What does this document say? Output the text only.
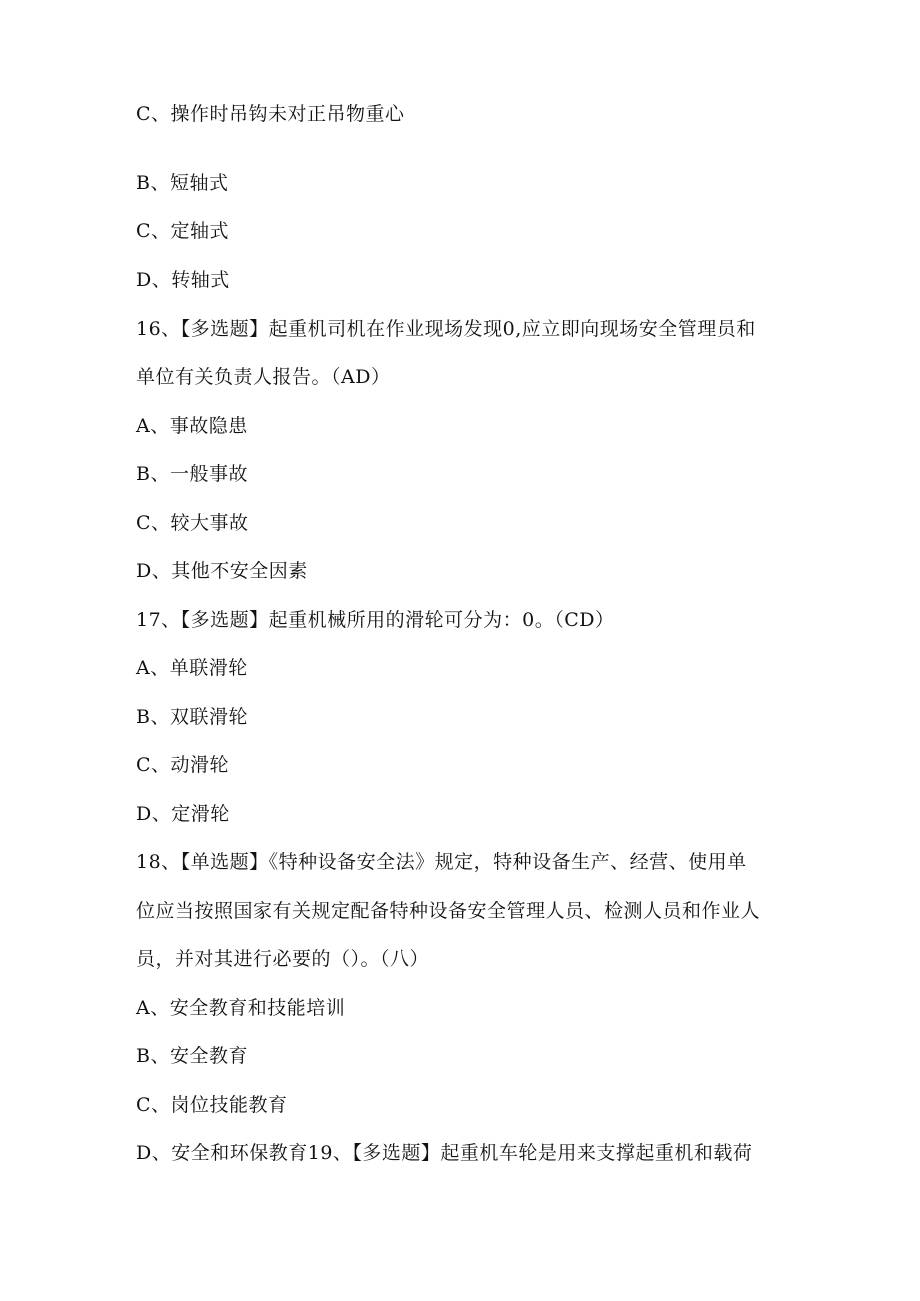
C、操作时吊钩未对正吊物重心
B、短轴式
C、定轴式
D、转轴式
16、【多选题】起重机司机在作业现场发现0,应立即向现场安全管理员和
单位有关负责人报告。（AD）
A、事故隐患
B、一般事故
C、较大事故
D、其他不安全因素
17、【多选题】起重机械所用的滑轮可分为：0。（CD）
A、单联滑轮
B、双联滑轮
C、动滑轮
D、定滑轮
18、【单选题】《特种设备安全法》规定，特种设备生产、经营、使用单
位应当按照国家有关规定配备特种设备安全管理人员、检测人员和作业人
员，并对其进行必要的（）。（八）
A、安全教育和技能培训
B、安全教育
C、岗位技能教育
D、安全和环保教育19、【多选题】起重机车轮是用来支撑起重机和载荷
